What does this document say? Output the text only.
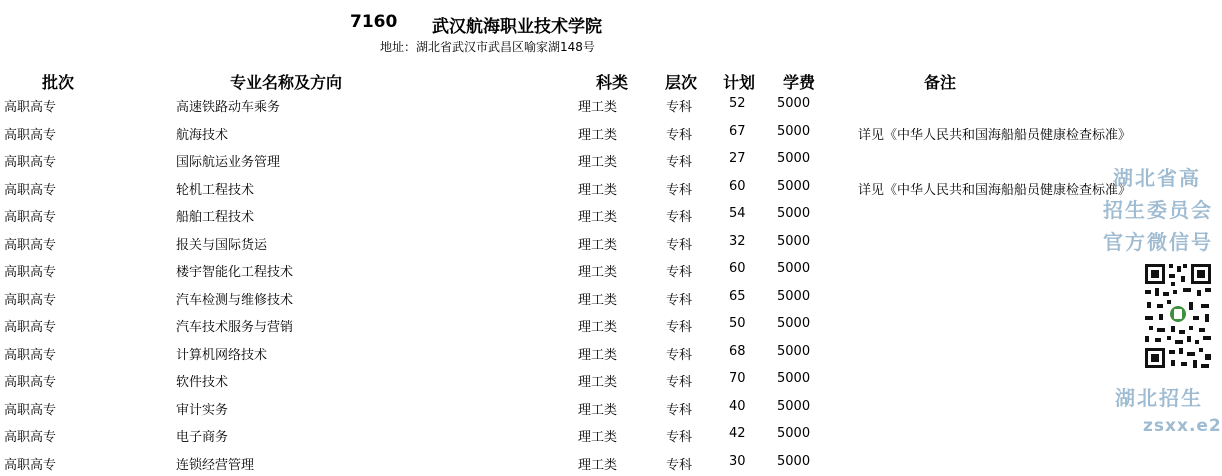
7160 武汉航海职业技术学院
地址：湖北省武汉市武昌区喻家湖148号
批次	专业名称及方向	科类 层次 计划 学费	备注
高职高专	高速铁路动车乘务	理工类	专科	52 5000
高职高专	航海技术	理工类	专科	67 5000	详见《中华人民共和国海船船员健康检查标准》
高职高专	国际航运业务管理	理工类	专科	27 5000
高职高专	轮机工程技术	理工类	专科	60 5000	详见《中华人民共和国海船船员健康检查标准》
高职高专	船舶工程技术	理工类	专科	54 5000
高职高专	报关与国际货运	理工类	专科	32 5000
高职高专	楼宇智能化工程技术	理工类	专科	60 5000
高职高专	汽车检测与维修技术	理工类	专科	65 5000
高职高专	汽车技术服务与营销	理工类	专科	50 5000
高职高专	计算机网络技术	理工类	专科	68 5000
高职高专	软件技术	理工类	专科	70 5000
高职高专	审计实务	理工类	专科	40 5000
高职高专	电子商务	理工类	专科	42 5000
高职高专	连锁经营管理	理工类	专科	30 5000
湖北省高
招生委员会
官方微信号
湖北招生
zsxx.e2
